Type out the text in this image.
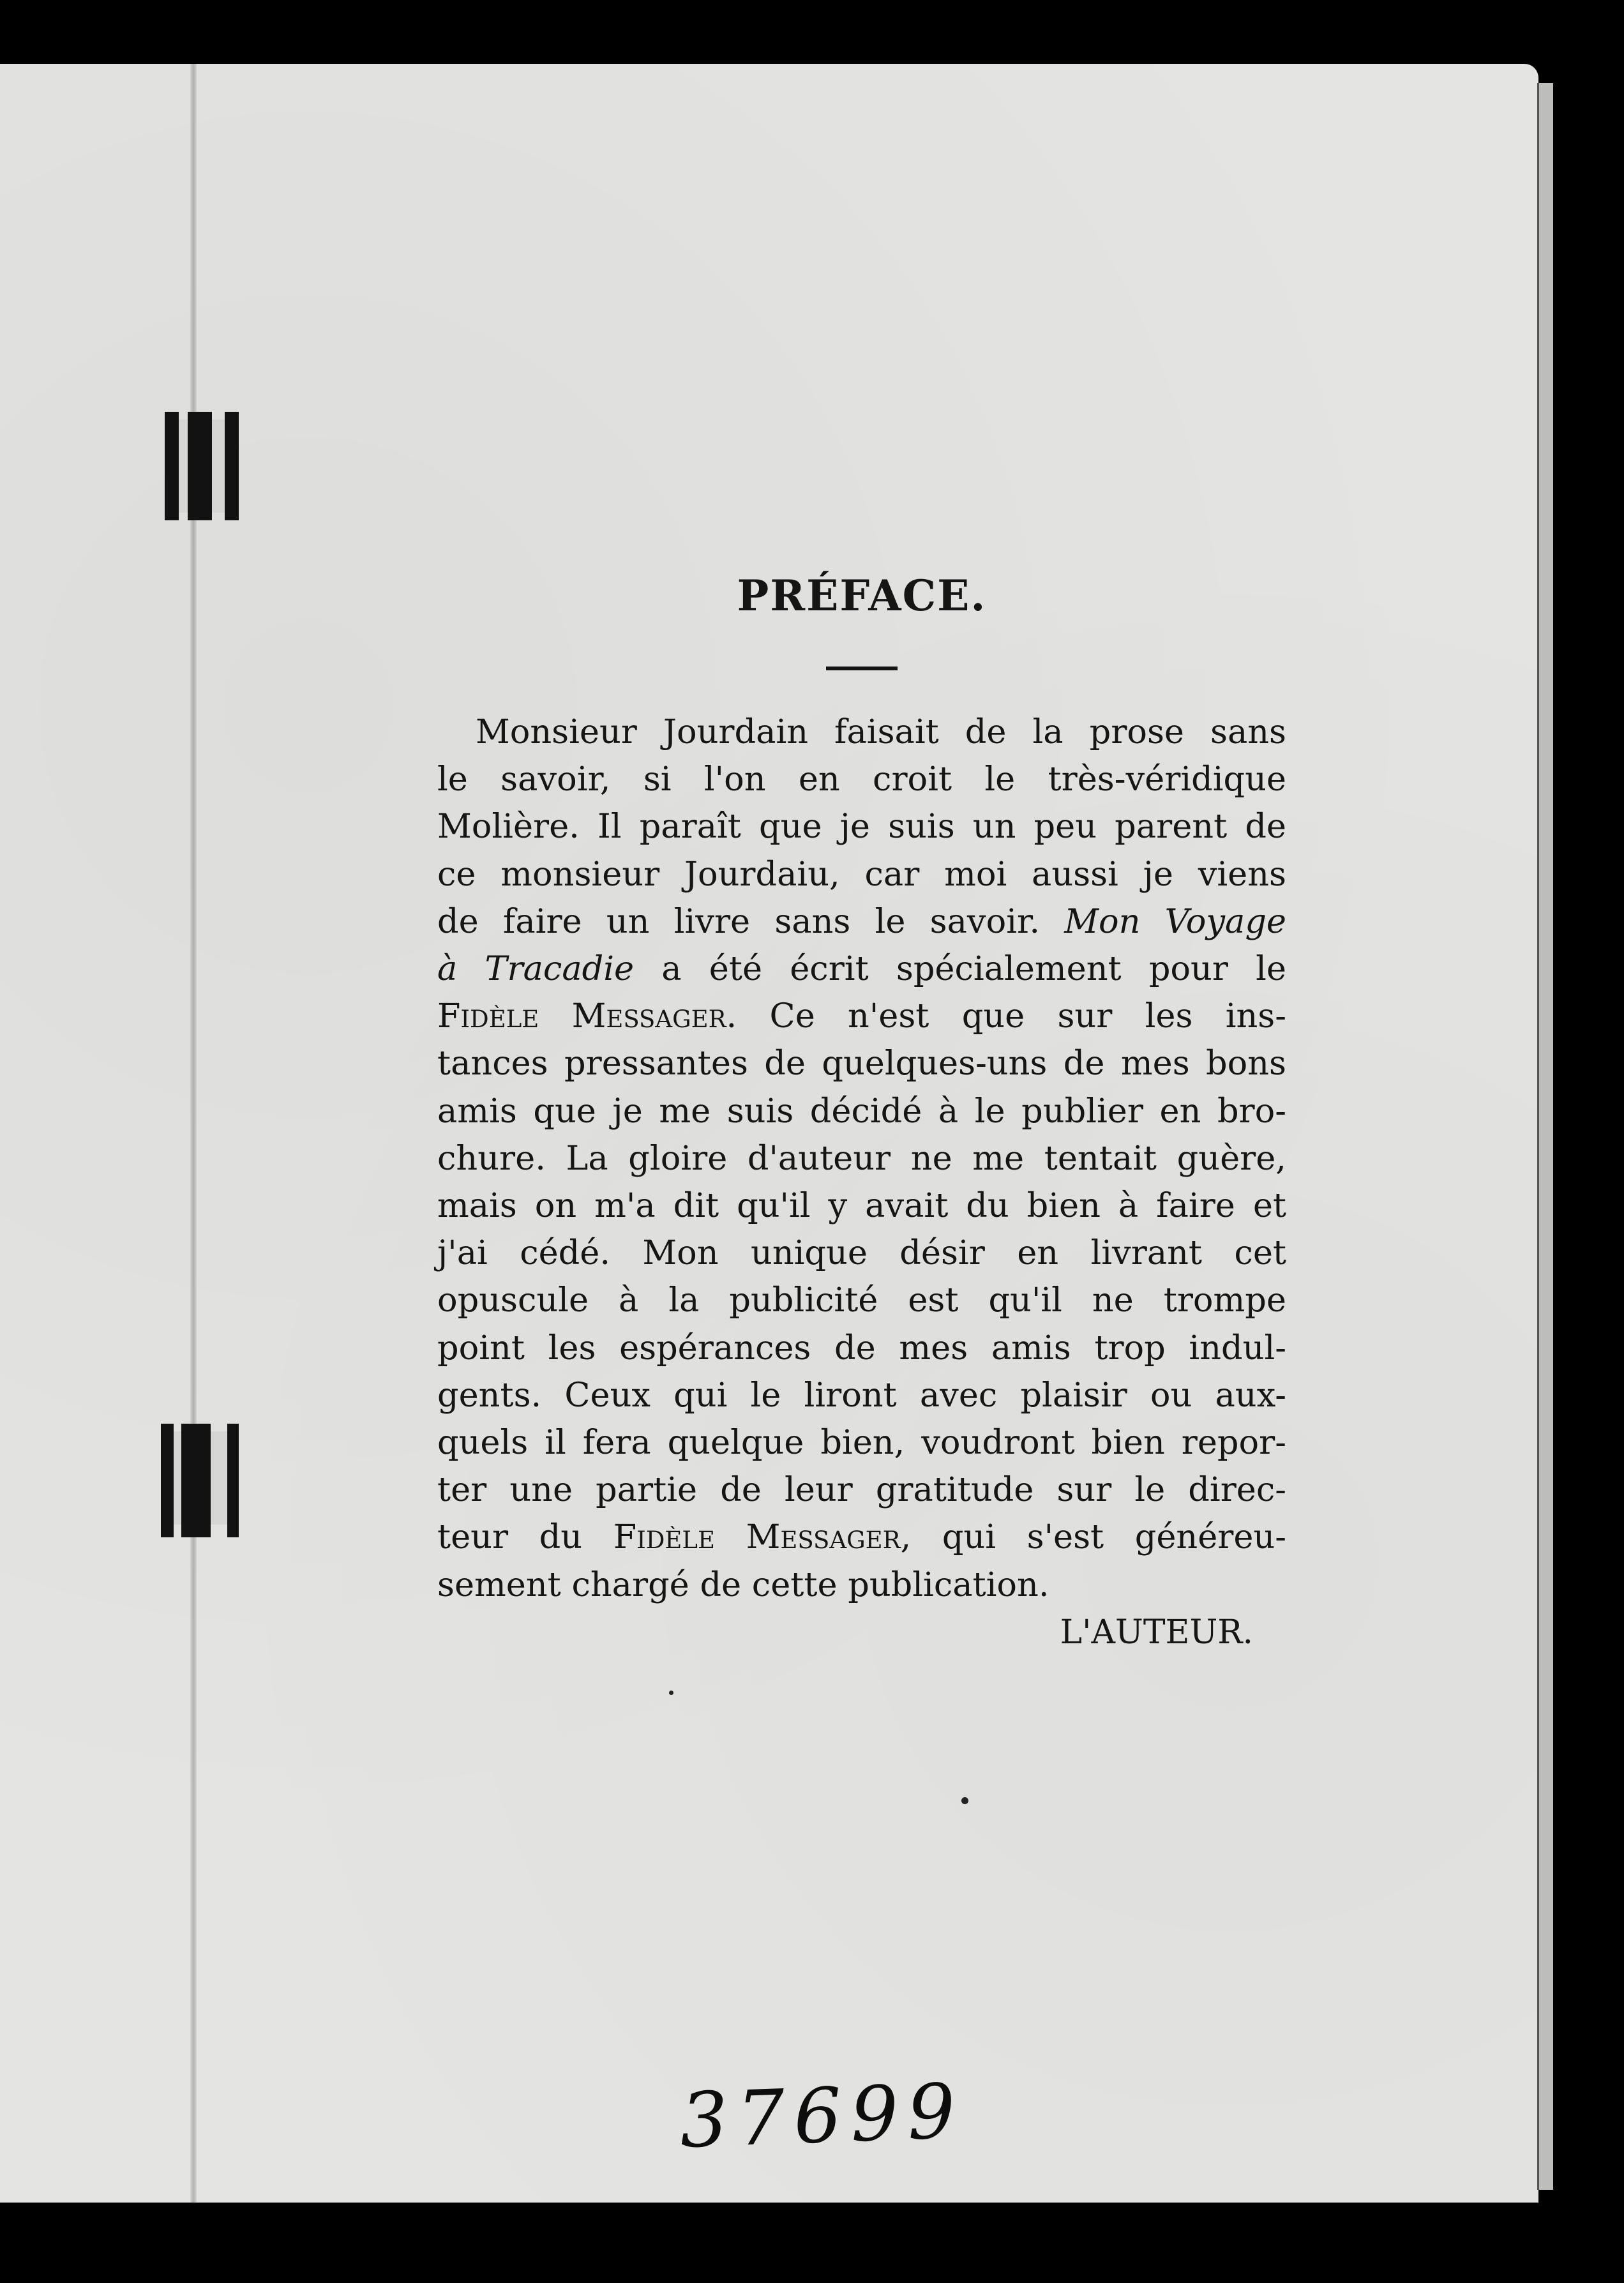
PRÉFACE.

Monsieur Jourdain faisait de la prose sans
le savoir, si l'on en croit le très-véridique
Molière. Il paraît que je suis un peu parent de
ce monsieur Jourdaiu, car moi aussi je viens
de faire un livre sans le savoir. Mon Voyage
à Tracadie a été écrit spécialement pour le
Fidèle Messager. Ce n'est que sur les ins-
tances pressantes de quelques-uns de mes bons
amis que je me suis décidé à le publier en bro-
chure. La gloire d'auteur ne me tentait guère,
mais on m'a dit qu'il y avait du bien à faire et
j'ai cédé. Mon unique désir en livrant cet
opuscule à la publicité est qu'il ne trompe
point les espérances de mes amis trop indul-
gents. Ceux qui le liront avec plaisir ou aux-
quels il fera quelque bien, voudront bien repor-
ter une partie de leur gratitude sur le direc-
teur du Fidèle Messager, qui s'est généreu-
sement chargé de cette publication.

L'AUTEUR.

37699
